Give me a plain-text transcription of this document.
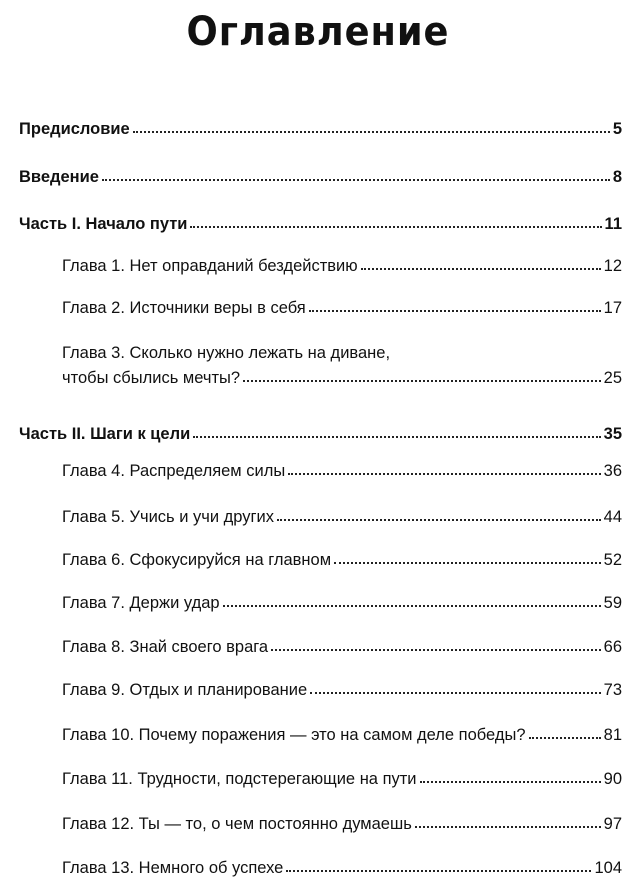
Оглавление
Предисловие	5
Введение	8
Часть I. Начало пути	11
Глава 1. Нет оправданий бездействию	12
Глава 2. Источники веры в себя	17
Глава 3. Сколько нужно лежать на диване,
чтобы сбылись мечты?	25
Часть II. Шаги к цели	35
Глава 4. Распределяем силы	36
Глава 5. Учись и учи других	44
Глава 6. Сфокусируйся на главном	52
Глава 7. Держи удар	59
Глава 8. Знай своего врага	66
Глава 9. Отдых и планирование	73
Глава 10. Почему поражения — это на самом деле победы?	81
Глава 11. Трудности, подстерегающие на пути	90
Глава 12. Ты — то, о чем постоянно думаешь	97
Глава 13. Немного об успехе	104
